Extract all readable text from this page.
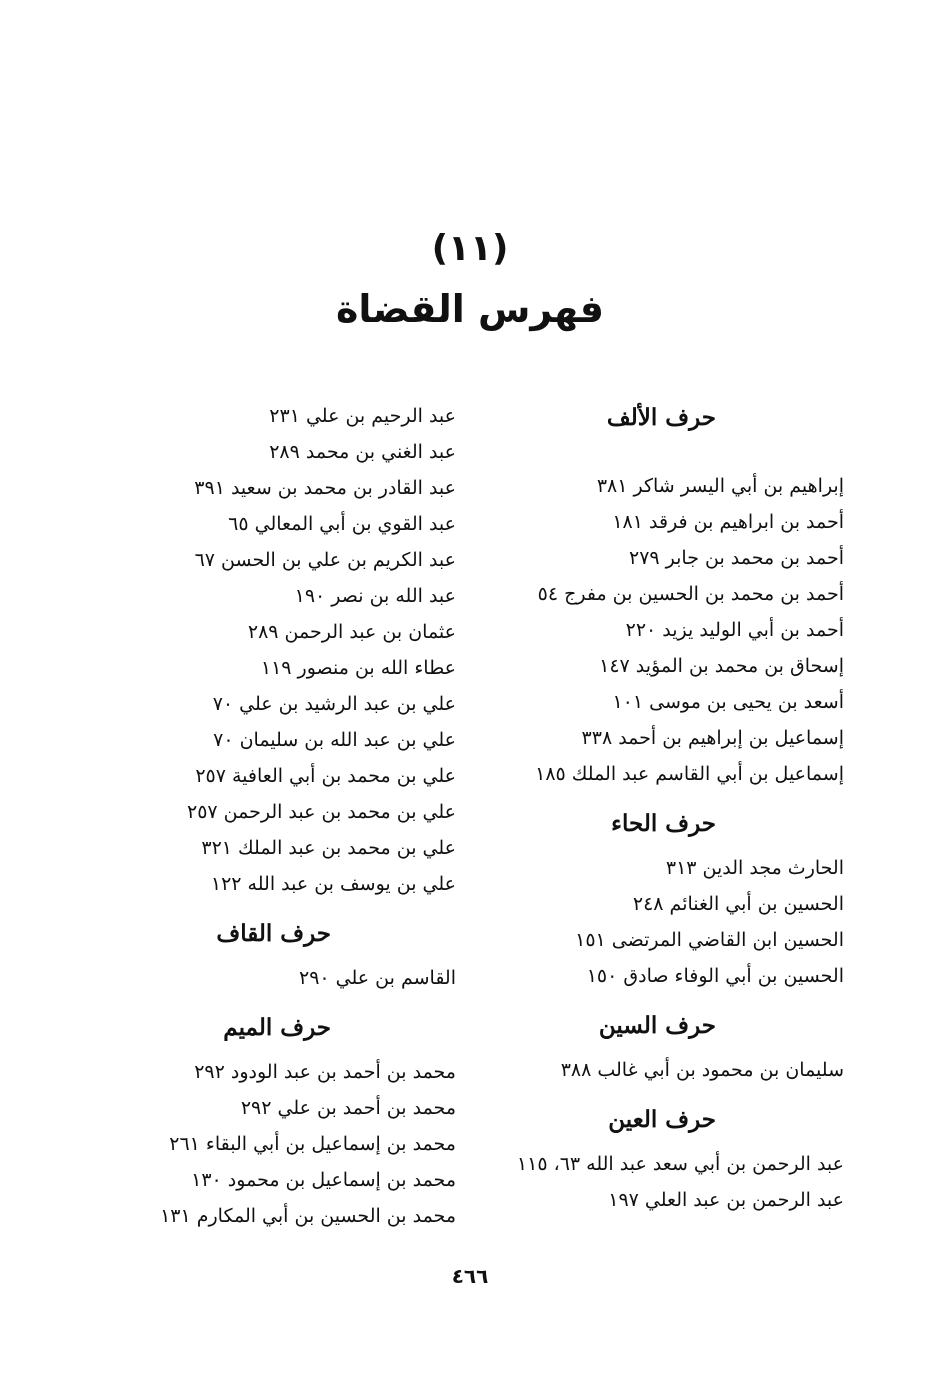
(١١)
فهرس القضاة
حرف الألف
إبراهيم بن أبي اليسر شاكر ٣٨١
أحمد بن ابراهيم بن فرقد ١٨١
أحمد بن محمد بن جابر ٢٧٩
أحمد بن محمد بن الحسين بن مفرج ٥٤
أحمد بن أبي الوليد يزيد ٢٢٠
إسحاق بن محمد بن المؤيد ١٤٧
أسعد بن يحيى بن موسى ١٠١
إسماعيل بن إبراهيم بن أحمد ٣٣٨
إسماعيل بن أبي القاسم عبد الملك ١٨٥
حرف الحاء
الحارث مجد الدين ٣١٣
الحسين بن أبي الغنائم ٢٤٨
الحسين ابن القاضي المرتضى ١٥١
الحسين بن أبي الوفاء صادق ١٥٠
حرف السين
سليمان بن محمود بن أبي غالب ٣٨٨
حرف العين
عبد الرحمن بن أبي سعد عبد الله ٦٣، ١١٥
عبد الرحمن بن عبد العلي ١٩٧
عبد الرحيم بن علي ٢٣١
عبد الغني بن محمد ٢٨٩
عبد القادر بن محمد بن سعيد ٣٩١
عبد القوي بن أبي المعالي ٦٥
عبد الكريم بن علي بن الحسن ٦٧
عبد الله بن نصر ١٩٠
عثمان بن عبد الرحمن ٢٨٩
عطاء الله بن منصور ١١٩
علي بن عبد الرشيد بن علي ٧٠
علي بن عبد الله بن سليمان ٧٠
علي بن محمد بن أبي العافية ٢٥٧
علي بن محمد بن عبد الرحمن ٢٥٧
علي بن محمد بن عبد الملك ٣٢١
علي بن يوسف بن عبد الله ١٢٢
حرف القاف
القاسم بن علي ٢٩٠
حرف الميم
محمد بن أحمد بن عبد الودود ٢٩٢
محمد بن أحمد بن علي ٢٩٢
محمد بن إسماعيل بن أبي البقاء ٢٦١
محمد بن إسماعيل بن محمود ١٣٠
محمد بن الحسين بن أبي المكارم ١٣١
٤٦٦
